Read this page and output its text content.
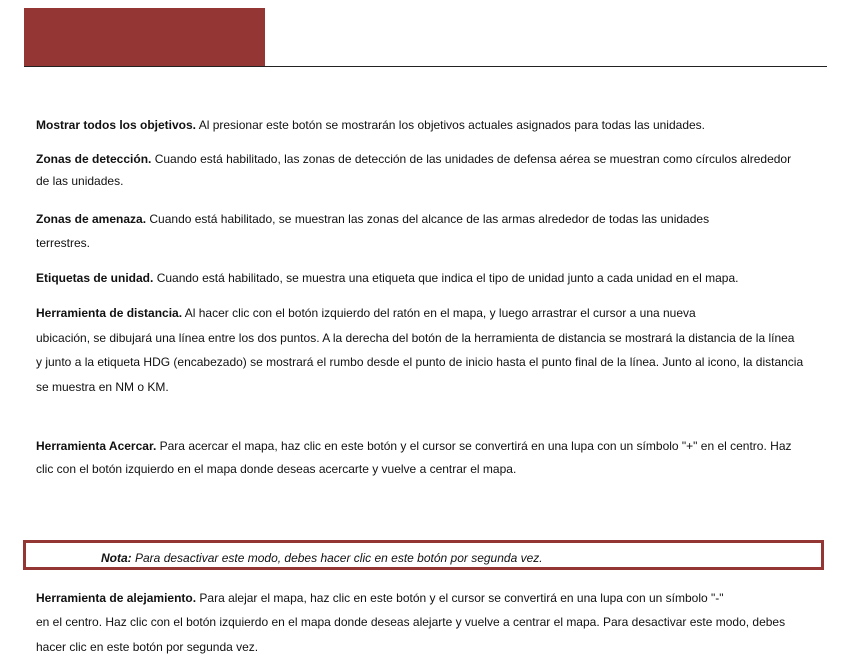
Mostrar todos los objetivos. Al presionar este botón se mostrarán los objetivos actuales asignados para todas las unidades.
Zonas de detección. Cuando está habilitado, las zonas de detección de las unidades de defensa aérea se muestran como círculos alrededor
de las unidades.
Zonas de amenaza. Cuando está habilitado, se muestran las zonas del alcance de las armas alrededor de todas las unidades
terrestres.
Etiquetas de unidad. Cuando está habilitado, se muestra una etiqueta que indica el tipo de unidad junto a cada unidad en el mapa.
Herramienta de distancia. Al hacer clic con el botón izquierdo del ratón en el mapa, y luego arrastrar el cursor a una nueva
ubicación, se dibujará una línea entre los dos puntos. A la derecha del botón de la herramienta de distancia se mostrará la distancia de la línea
y junto a la etiqueta HDG (encabezado) se mostrará el rumbo desde el punto de inicio hasta el punto final de la línea. Junto al icono, la distancia
se muestra en NM o KM.
Herramienta Acercar. Para acercar el mapa, haz clic en este botón y el cursor se convertirá en una lupa con un símbolo "+" en el centro. Haz
clic con el botón izquierdo en el mapa donde deseas acercarte y vuelve a centrar el mapa.
Nota: Para desactivar este modo, debes hacer clic en este botón por segunda vez.
Herramienta de alejamiento. Para alejar el mapa, haz clic en este botón y el cursor se convertirá en una lupa con un símbolo "-"
en el centro. Haz clic con el botón izquierdo en el mapa donde deseas alejarte y vuelve a centrar el mapa. Para desactivar este modo, debes
hacer clic en este botón por segunda vez.
